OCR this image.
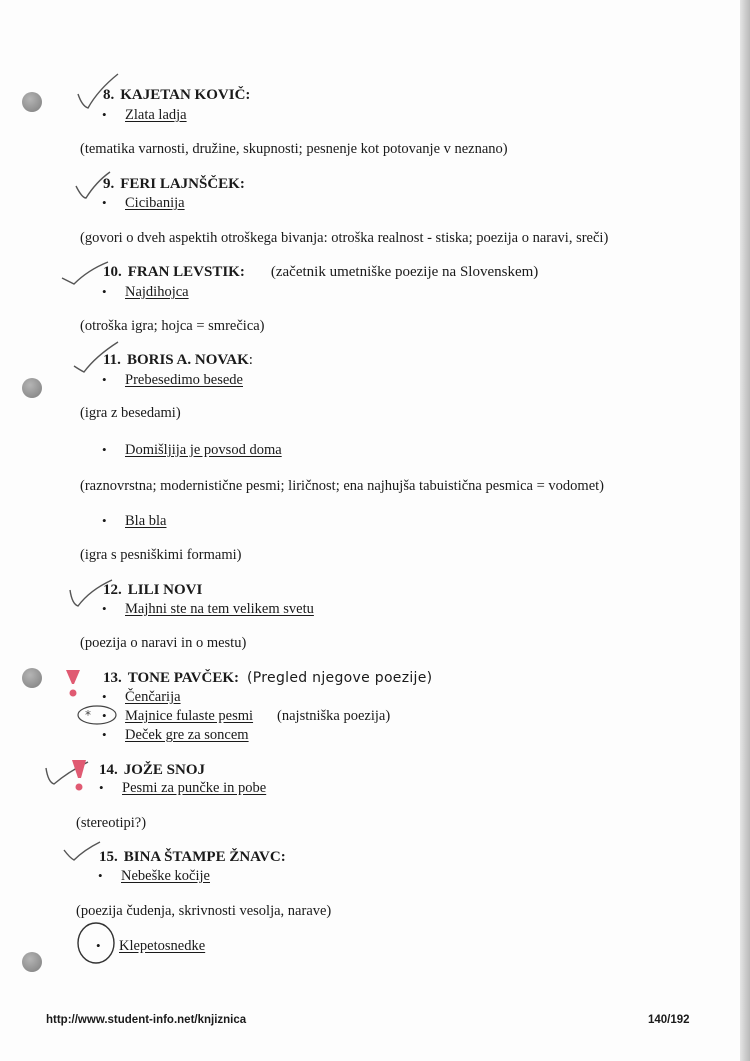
*
8. KAJETAN KOVIČ:
• Zlata ladja
(tematika varnosti, družine, skupnosti; pesnenje kot potovanje v neznano)
9. FERI LAJNŠČEK:
• Cicibanija
(govori o dveh aspektih otroškega bivanja: otroška realnost - stiska; poezija o naravi, sreči)
10. FRAN LEVSTIK: (začetnik umetniške poezije na Slovenskem)
• Najdihojca
(otroška igra; hojca = smrečica)
11. BORIS A. NOVAK:
• Prebesedimo besede
(igra z besedami)
• Domišljija je povsod doma
(raznovrstna; modernistične pesmi; liričnost; ena najhujša tabuistična pesmica = vodomet)
• Bla bla
(igra s pesniškimi formami)
12. LILI NOVI
• Majhni ste na tem velikem svetu
(poezija o naravi in o mestu)
13. TONE PAVČEK: (Pregled njegove poezije)
• Čenčarija
• Majnice fulaste pesmi (najstniška poezija)
• Deček gre za soncem
14. JOŽE SNOJ
• Pesmi za punčke in pobe
(stereotipi?)
15. BINA ŠTAMPE ŽNAVC:
• Nebeške kočije
(poezija čudenja, skrivnosti vesolja, narave)
• Klepetosnedke
http://www.student-info.net/knjiznica	140/192
